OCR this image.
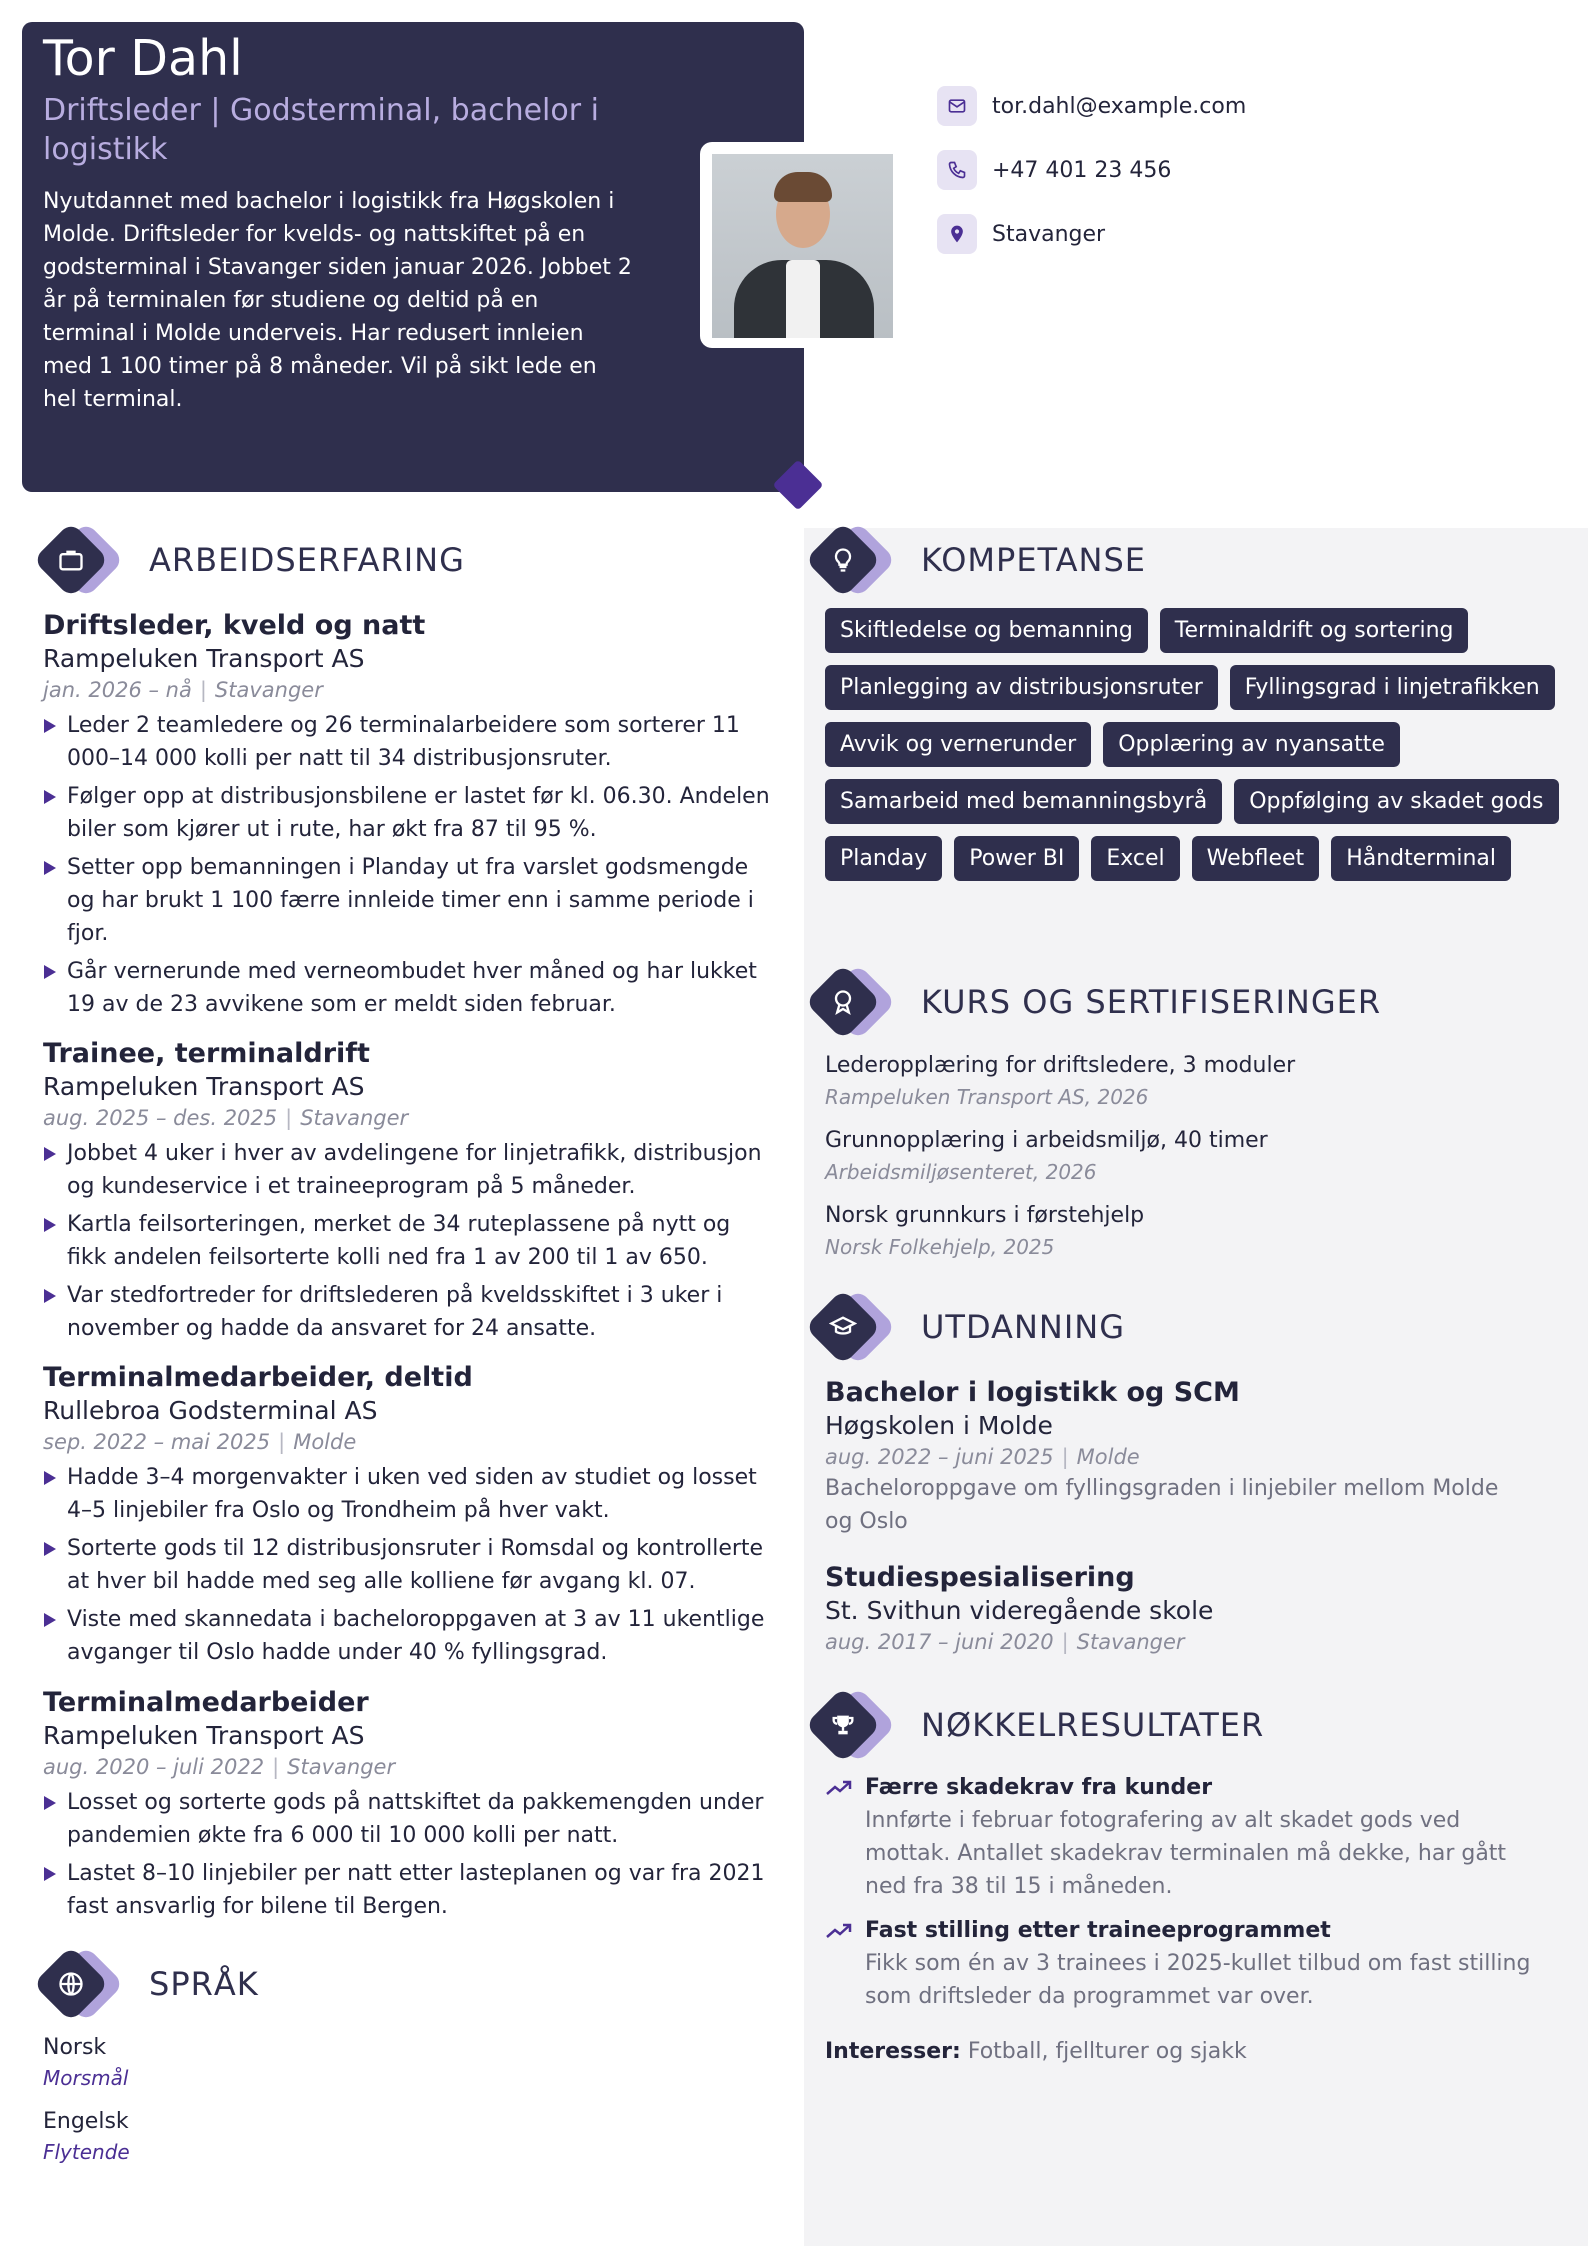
Tor Dahl
Driftsleder | Godsterminal, bachelor i logistikk
Nyutdannet med bachelor i logistikk fra Høgskolen i Molde. Driftsleder for kvelds- og nattskiftet på en godsterminal i Stavanger siden januar 2026. Jobbet 2 år på terminalen før studiene og deltid på en terminal i Molde underveis. Har redusert innleien med 1 100 timer på 8 måneder. Vil på sikt lede en hel terminal.
tor.dahl@example.com
+47 401 23 456
Stavanger
ARBEIDSERFARING
Driftsleder, kveld og natt
Rampeluken Transport AS
jan. 2026 – nå | Stavanger
Leder 2 teamledere og 26 terminalarbeidere som sorterer 11 000–14 000 kolli per natt til 34 distribusjonsruter.
Følger opp at distribusjonsbilene er lastet før kl. 06.30. Andelen biler som kjører ut i rute, har økt fra 87 til 95 %.
Setter opp bemanningen i Planday ut fra varslet godsmengde og har brukt 1 100 færre innleide timer enn i samme periode i fjor.
Går vernerunde med verneombudet hver måned og har lukket 19 av de 23 avvikene som er meldt siden februar.
Trainee, terminaldrift
Rampeluken Transport AS
aug. 2025 – des. 2025 | Stavanger
Jobbet 4 uker i hver av avdelingene for linjetrafikk, distribusjon og kundeservice i et traineeprogram på 5 måneder.
Kartla feilsorteringen, merket de 34 ruteplassene på nytt og fikk andelen feilsorterte kolli ned fra 1 av 200 til 1 av 650.
Var stedfortreder for driftslederen på kveldsskiftet i 3 uker i november og hadde da ansvaret for 24 ansatte.
Terminalmedarbeider, deltid
Rullebroa Godsterminal AS
sep. 2022 – mai 2025 | Molde
Hadde 3–4 morgenvakter i uken ved siden av studiet og losset 4–5 linjebiler fra Oslo og Trondheim på hver vakt.
Sorterte gods til 12 distribusjonsruter i Romsdal og kontrollerte at hver bil hadde med seg alle kolliene før avgang kl. 07.
Viste med skannedata i bacheloroppgaven at 3 av 11 ukentlige avganger til Oslo hadde under 40 % fyllingsgrad.
Terminalmedarbeider
Rampeluken Transport AS
aug. 2020 – juli 2022 | Stavanger
Losset og sorterte gods på nattskiftet da pakkemengden under pandemien økte fra 6 000 til 10 000 kolli per natt.
Lastet 8–10 linjebiler per natt etter lasteplanen og var fra 2021 fast ansvarlig for bilene til Bergen.
SPRÅK
Norsk
Morsmål
Engelsk
Flytende
KOMPETANSE
Skiftledelse og bemanning	Terminaldrift og sortering
Planlegging av distribusjonsruter	Fyllingsgrad i linjetrafikken
Avvik og vernerunder	Opplæring av nyansatte
Samarbeid med bemanningsbyrå	Oppfølging av skadet gods
Planday	Power BI	Excel	Webfleet	Håndterminal
KURS OG SERTIFISERINGER
Lederopplæring for driftsledere, 3 moduler
Rampeluken Transport AS, 2026
Grunnopplæring i arbeidsmiljø, 40 timer
Arbeidsmiljøsenteret, 2026
Norsk grunnkurs i førstehjelp
Norsk Folkehjelp, 2025
UTDANNING
Bachelor i logistikk og SCM
Høgskolen i Molde
aug. 2022 – juni 2025 | Molde
Bacheloroppgave om fyllingsgraden i linjebiler mellom Molde og Oslo
Studiespesialisering
St. Svithun videregående skole
aug. 2017 – juni 2020 | Stavanger
NØKKELRESULTATER
Færre skadekrav fra kunder
Innførte i februar fotografering av alt skadet gods ved mottak. Antallet skadekrav terminalen må dekke, har gått ned fra 38 til 15 i måneden.
Fast stilling etter traineeprogrammet
Fikk som én av 3 trainees i 2025-kullet tilbud om fast stilling som driftsleder da programmet var over.
Interesser: Fotball, fjellturer og sjakk
